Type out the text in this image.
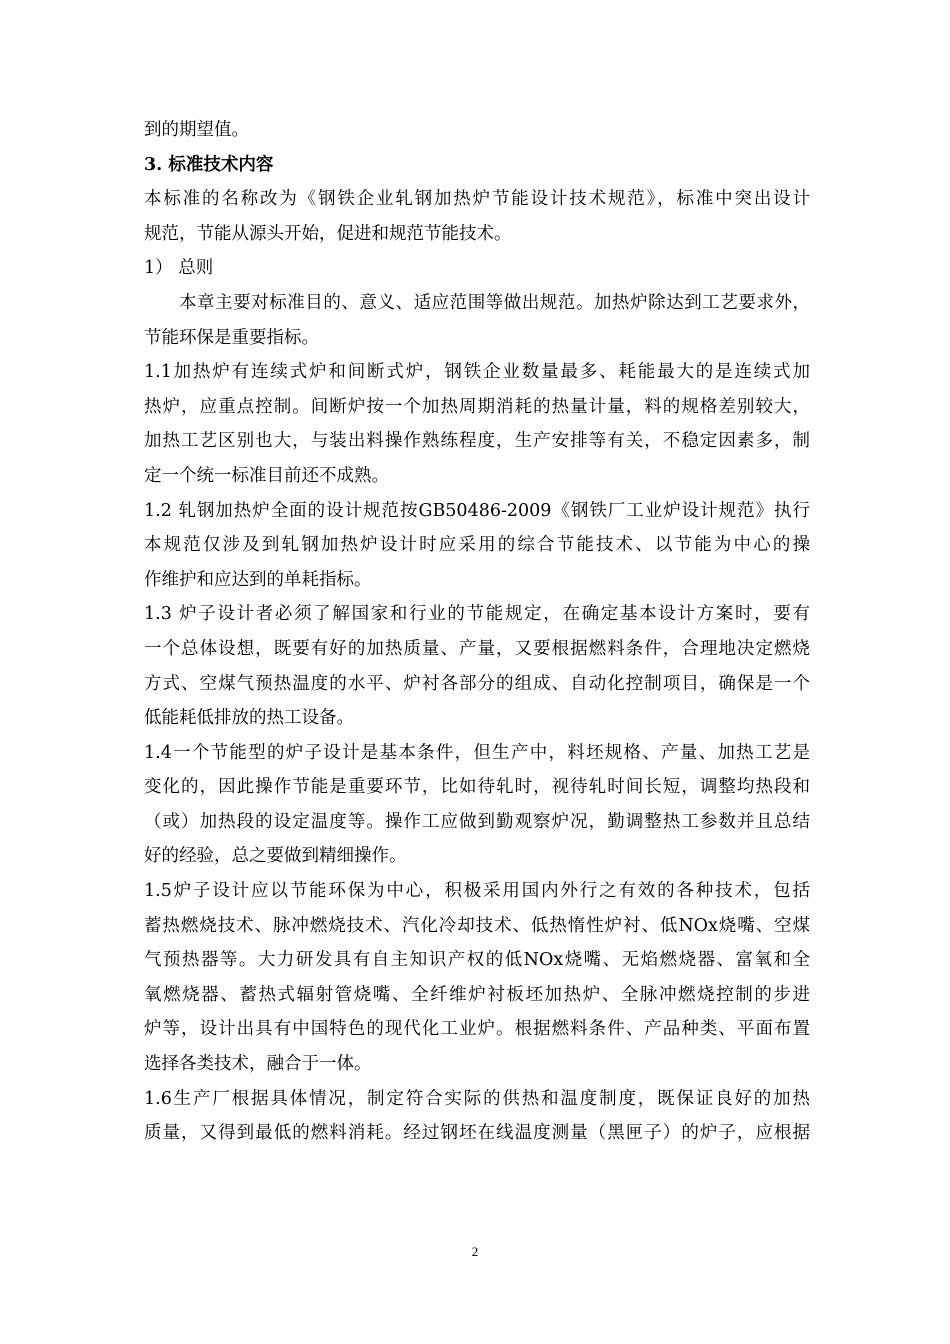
到的期望值。
3. 标准技术内容
本标准的名称改为《钢铁企业轧钢加热炉节能设计技术规范》，标准中突出设计
规范，节能从源头开始，促进和规范节能技术。
1） 总则
本章主要对标准目的、意义、适应范围等做出规范。加热炉除达到工艺要求外，
节能环保是重要指标。
1.1加热炉有连续式炉和间断式炉，钢铁企业数量最多、耗能最大的是连续式加
热炉，应重点控制。间断炉按一个加热周期消耗的热量计量，料的规格差别较大，
加热工艺区别也大，与装出料操作熟练程度，生产安排等有关，不稳定因素多，制
定一个统一标准目前还不成熟。
1.2 轧钢加热炉全面的设计规范按GB50486-2009《钢铁厂工业炉设计规范》执行
本规范仅涉及到轧钢加热炉设计时应采用的综合节能技术、以节能为中心的操
作维护和应达到的单耗指标。
1.3 炉子设计者必须了解国家和行业的节能规定，在确定基本设计方案时，要有
一个总体设想，既要有好的加热质量、产量，又要根据燃料条件，合理地决定燃烧
方式、空煤气预热温度的水平、炉衬各部分的组成、自动化控制项目，确保是一个
低能耗低排放的热工设备。
1.4一个节能型的炉子设计是基本条件，但生产中，料坯规格、产量、加热工艺是
变化的，因此操作节能是重要环节，比如待轧时，视待轧时间长短，调整均热段和
（或）加热段的设定温度等。操作工应做到勤观察炉况，勤调整热工参数并且总结
好的经验，总之要做到精细操作。
1.5炉子设计应以节能环保为中心，积极采用国内外行之有效的各种技术，包括
蓄热燃烧技术、脉冲燃烧技术、汽化冷却技术、低热惰性炉衬、低NOx烧嘴、空煤
气预热器等。大力研发具有自主知识产权的低NOx烧嘴、无焰燃烧器、富氧和全
氧燃烧器、蓄热式辐射管烧嘴、全纤维炉衬板坯加热炉、全脉冲燃烧控制的步进
炉等，设计出具有中国特色的现代化工业炉。根据燃料条件、产品种类、平面布置
选择各类技术，融合于一体。
1.6生产厂根据具体情况，制定符合实际的供热和温度制度，既保证良好的加热
质量，又得到最低的燃料消耗。经过钢坯在线温度测量（黑匣子）的炉子，应根据
2
